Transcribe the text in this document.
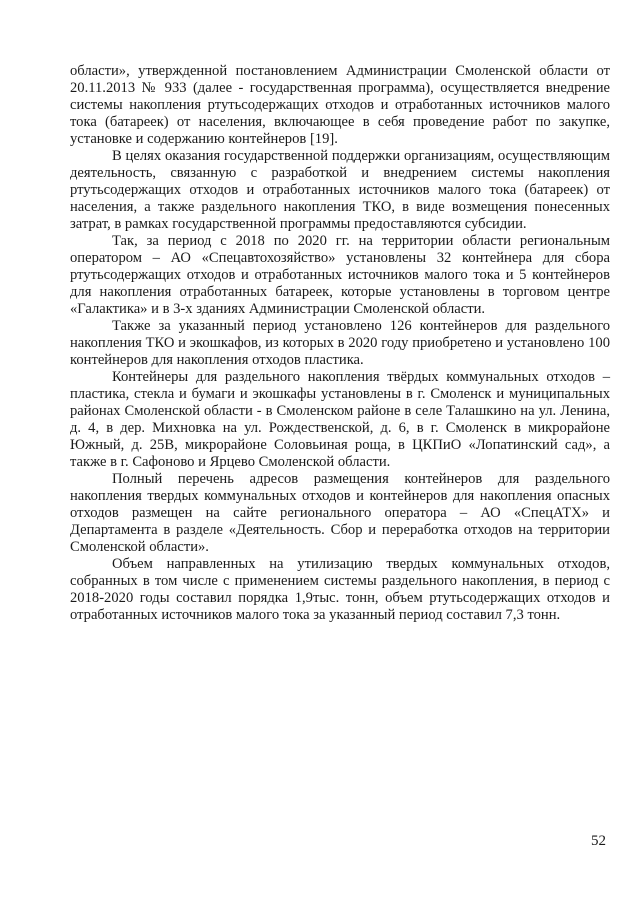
области», утвержденной постановлением Администрации Смоленской области от 20.11.2013 № 933 (далее - государственная программа), осуществляется внедрение системы накопления ртутьсодержащих отходов и отработанных источников малого тока (батареек) от населения, включающее в себя проведение работ по закупке, установке и содержанию контейнеров [19].

В целях оказания государственной поддержки организациям, осуществляющим деятельность, связанную с разработкой и внедрением системы накопления ртутьсодержащих отходов и отработанных источников малого тока (батареек) от населения, а также раздельного накопления ТКО, в виде возмещения понесенных затрат, в рамках государственной программы предоставляются субсидии.

Так, за период с 2018 по 2020 гг. на территории области региональным оператором – АО «Спецавтохозяйство» установлены 32 контейнера для сбора ртутьсодержащих отходов и отработанных источников малого тока и 5 контейнеров для накопления отработанных батареек, которые установлены в торговом центре «Галактика» и в 3-х зданиях Администрации Смоленской области.

Также за указанный период установлено 126 контейнеров для раздельного накопления ТКО и экошкафов, из которых в 2020 году приобретено и установлено 100 контейнеров для накопления отходов пластика.

Контейнеры для раздельного накопления твёрдых коммунальных отходов – пластика, стекла и бумаги и экошкафы установлены в г. Смоленск и муниципальных районах Смоленской области - в Смоленском районе в селе Талашкино на ул. Ленина, д. 4, в дер. Михновка на ул. Рождественской, д. 6, в г. Смоленск в микрорайоне Южный, д. 25В, микрорайоне Соловьиная роща, в ЦКПиО «Лопатинский сад», а также в г. Сафоново и Ярцево Смоленской области.

Полный перечень адресов размещения контейнеров для раздельного накопления твердых коммунальных отходов и контейнеров для накопления опасных отходов размещен на сайте регионального оператора – АО «СпецАТХ» и Департамента в разделе «Деятельность. Сбор и переработка отходов на территории Смоленской области».

Объем направленных на утилизацию твердых коммунальных отходов, собранных в том числе с применением системы раздельного накопления, в период с 2018-2020 годы составил порядка 1,9тыс. тонн, объем ртутьсодержащих отходов и отработанных источников малого тока за указанный период составил 7,3 тонн.

52
